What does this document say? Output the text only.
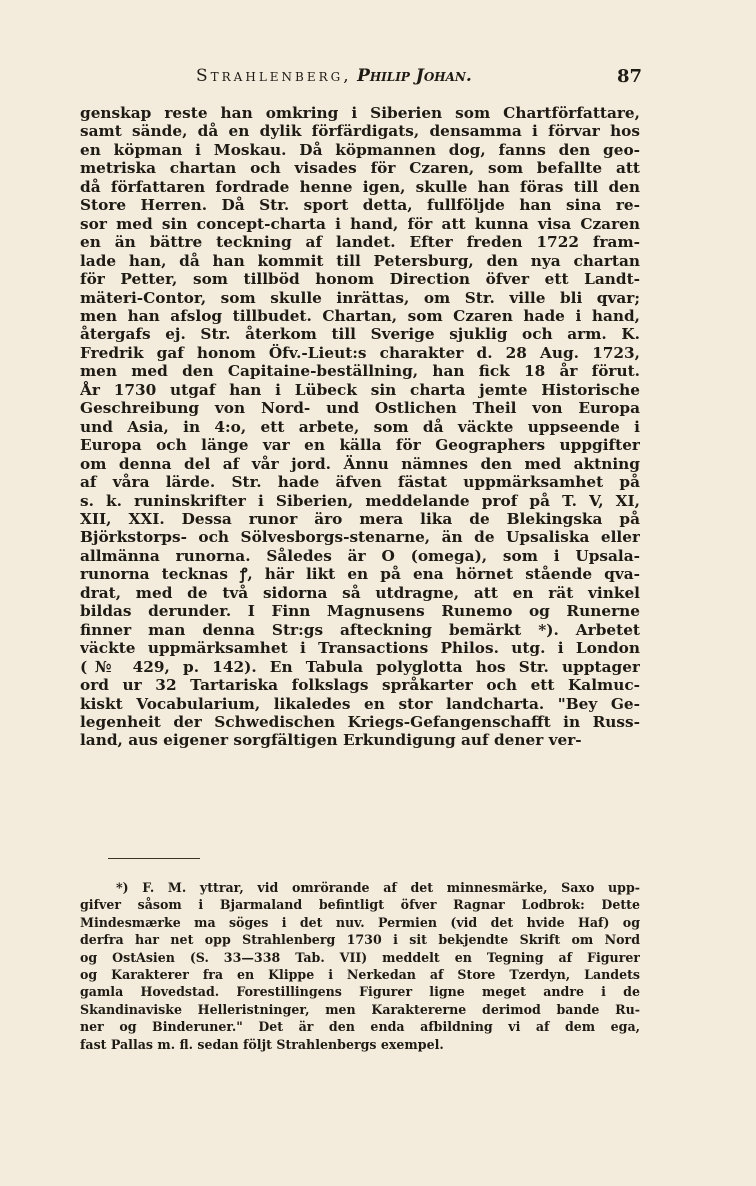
Strahlenberg, Philip Johan.	87
genskap reste han omkring i Siberien som Chartförfattare,
samt sände, då en dylik förfärdigats, densamma i förvar hos
en köpman i Moskau. Då köpmannen dog, fanns den geo-
metriska chartan och visades för Czaren, som befallte att
då författaren fordrade henne igen, skulle han föras till den
Store Herren. Då Str. sport detta, fullföljde han sina re-
sor med sin concept-charta i hand, för att kunna visa Czaren
en än bättre teckning af landet. Efter freden 1722 fram-
lade han, då han kommit till Petersburg, den nya chartan
för Petter, som tillböd honom Direction öfver ett Landt-
mäteri-Contor, som skulle inrättas, om Str. ville bli qvar;
men han afslog tillbudet. Chartan, som Czaren hade i hand,
återgafs ej. Str. återkom till Sverige sjuklig och arm. K.
Fredrik gaf honom Öfv.-Lieut:s charakter d. 28 Aug. 1723,
men med den Capitaine-beställning, han fick 18 år förut.
År 1730 utgaf han i Lübeck sin charta jemte Historische
Geschreibung von Nord- und Ostlichen Theil von Europa
und Asia, in 4:o, ett arbete, som då väckte uppseende i
Europa och länge var en källa för Geographers uppgifter
om denna del af vår jord. Ännu nämnes den med aktning
af våra lärde. Str. hade äfven fästat uppmärksamhet på
s. k. runinskrifter i Siberien, meddelande prof på T. V, XI,
XII, XXI. Dessa runor äro mera lika de Blekingska på
Björkstorps- och Sölvesborgs-stenarne, än de Upsaliska eller
allmänna runorna. Således är O (omega), som i Upsala-
runorna tecknas ꝭ, här likt en på ena hörnet stående qva-
drat, med de två sidorna så utdragne, att en rät vinkel
bildas derunder. I Finn Magnusens Runemo og Runerne
finner man denna Str:gs afteckning bemärkt *). Arbetet
väckte uppmärksamhet i Transactions Philos. utg. i London
(№ 429, p. 142). En Tabula polyglotta hos Str. upptager
ord ur 32 Tartariska folkslags språkarter och ett Kalmuc-
kiskt Vocabularium, likaledes en stor landcharta. "Bey Ge-
legenheit der Schwedischen Kriegs-Gefangenschafft in Russ-
land, aus eigener sorgfältigen Erkundigung auf dener ver-
*) F. M. yttrar, vid omrörande af det minnesmärke, Saxo upp-
gifver såsom i Bjarmaland befintligt öfver Ragnar Lodbrok: Dette
Mindesmærke ma söges i det nuv. Permien (vid det hvide Haf) og
derfra har net opp Strahlenberg 1730 i sit bekjendte Skrift om Nord
og OstAsien (S. 33—338 Tab. VII) meddelt en Tegning af Figurer
og Karakterer fra en Klippe i Nerkedan af Store Tzerdyn, Landets
gamla Hovedstad. Forestillingens Figurer ligne meget andre i de
Skandinaviske Helleristninger, men Karaktererne derimod bande Ru-
ner og Binderuner." Det är den enda afbildning vi af dem ega,
fast Pallas m. fl. sedan följt Strahlenbergs exempel.
